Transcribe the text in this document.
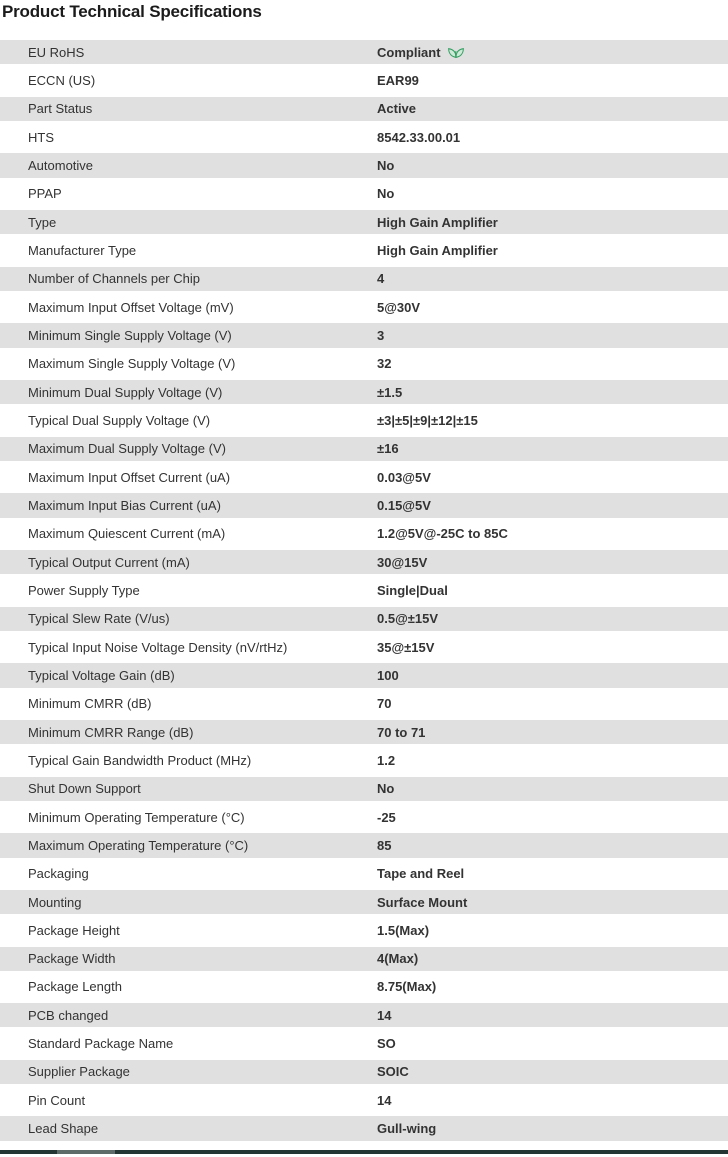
Product Technical Specifications
EU RoHS	Compliant
ECCN (US)	EAR99
Part Status	Active
HTS	8542.33.00.01
Automotive	No
PPAP	No
Type	High Gain Amplifier
Manufacturer Type	High Gain Amplifier
Number of Channels per Chip	4
Maximum Input Offset Voltage (mV)	5@30V
Minimum Single Supply Voltage (V)	3
Maximum Single Supply Voltage (V)	32
Minimum Dual Supply Voltage (V)	±1.5
Typical Dual Supply Voltage (V)	±3|±5|±9|±12|±15
Maximum Dual Supply Voltage (V)	±16
Maximum Input Offset Current (uA)	0.03@5V
Maximum Input Bias Current (uA)	0.15@5V
Maximum Quiescent Current (mA)	1.2@5V@-25C to 85C
Typical Output Current (mA)	30@15V
Power Supply Type	Single|Dual
Typical Slew Rate (V/us)	0.5@±15V
Typical Input Noise Voltage Density (nV/rtHz)	35@±15V
Typical Voltage Gain (dB)	100
Minimum CMRR (dB)	70
Minimum CMRR Range (dB)	70 to 71
Typical Gain Bandwidth Product (MHz)	1.2
Shut Down Support	No
Minimum Operating Temperature (°C)	-25
Maximum Operating Temperature (°C)	85
Packaging	Tape and Reel
Mounting	Surface Mount
Package Height	1.5(Max)
Package Width	4(Max)
Package Length	8.75(Max)
PCB changed	14
Standard Package Name	SO
Supplier Package	SOIC
Pin Count	14
Lead Shape	Gull-wing
